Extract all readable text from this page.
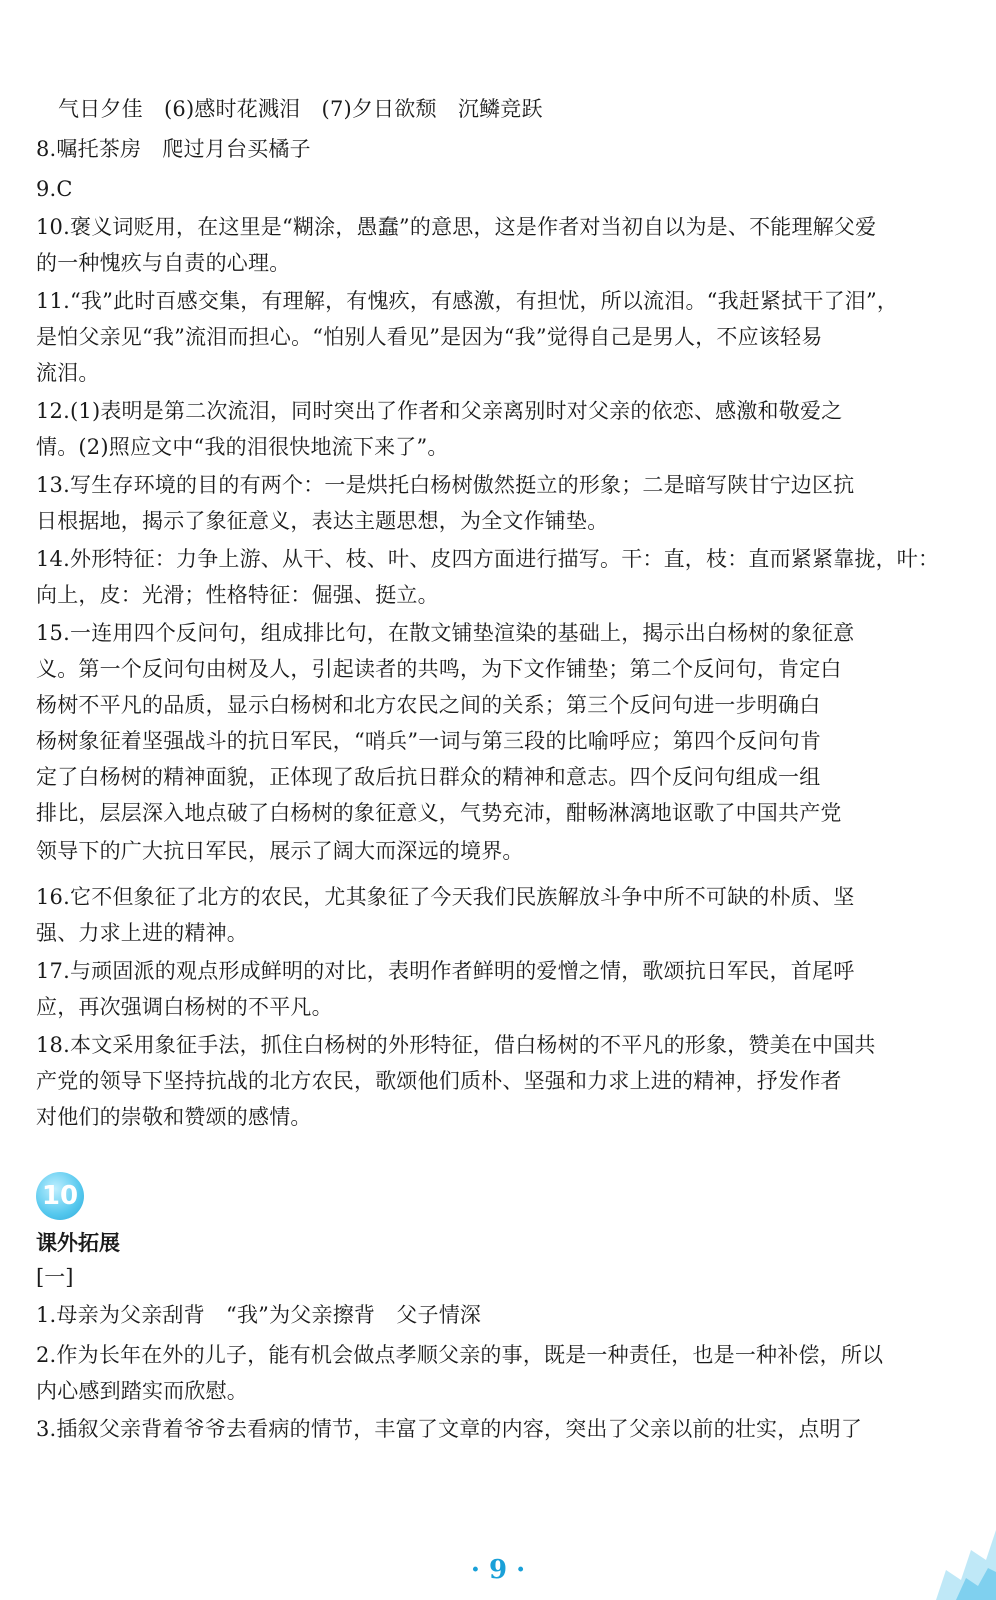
气日夕佳　(6)感时花溅泪　(7)夕日欲颓　沉鳞竞跃
8.嘱托茶房　爬过月台买橘子
9.C
10.褒义词贬用，在这里是“糊涂，愚蠢”的意思，这是作者对当初自以为是、不能理解父爱
的一种愧疚与自责的心理。
11.“我”此时百感交集，有理解，有愧疚，有感激，有担忧，所以流泪。“我赶紧拭干了泪”，
是怕父亲见“我”流泪而担心。“怕别人看见”是因为“我”觉得自己是男人，不应该轻易
流泪。
12.(1)表明是第二次流泪，同时突出了作者和父亲离别时对父亲的依恋、感激和敬爱之
情。(2)照应文中“我的泪很快地流下来了”。
13.写生存环境的目的有两个：一是烘托白杨树傲然挺立的形象；二是暗写陕甘宁边区抗
日根据地，揭示了象征意义，表达主题思想，为全文作铺垫。
14.外形特征：力争上游、从干、枝、叶、皮四方面进行描写。干：直，枝：直而紧紧靠拢，叶：
向上，皮：光滑；性格特征：倔强、挺立。
15.一连用四个反问句，组成排比句，在散文铺垫渲染的基础上，揭示出白杨树的象征意
义。第一个反问句由树及人，引起读者的共鸣，为下文作铺垫；第二个反问句，肯定白
杨树不平凡的品质，显示白杨树和北方农民之间的关系；第三个反问句进一步明确白
杨树象征着坚强战斗的抗日军民，“哨兵”一词与第三段的比喻呼应；第四个反问句肯
定了白杨树的精神面貌，正体现了敌后抗日群众的精神和意志。四个反问句组成一组
排比，层层深入地点破了白杨树的象征意义，气势充沛，酣畅淋漓地讴歌了中国共产党
领导下的广大抗日军民，展示了阔大而深远的境界。
16.它不但象征了北方的农民，尤其象征了今天我们民族解放斗争中所不可缺的朴质、坚
强、力求上进的精神。
17.与顽固派的观点形成鲜明的对比，表明作者鲜明的爱憎之情，歌颂抗日军民，首尾呼
应，再次强调白杨树的不平凡。
18.本文采用象征手法，抓住白杨树的外形特征，借白杨树的不平凡的形象，赞美在中国共
产党的领导下坚持抗战的北方农民，歌颂他们质朴、坚强和力求上进的精神，抒发作者
对他们的崇敬和赞颂的感情。
10
课外拓展
[一]
1.母亲为父亲刮背　“我”为父亲擦背　父子情深
2.作为长年在外的儿子，能有机会做点孝顺父亲的事，既是一种责任，也是一种补偿，所以
内心感到踏实而欣慰。
3.插叙父亲背着爷爷去看病的情节，丰富了文章的内容，突出了父亲以前的壮实，点明了
· 9 ·
